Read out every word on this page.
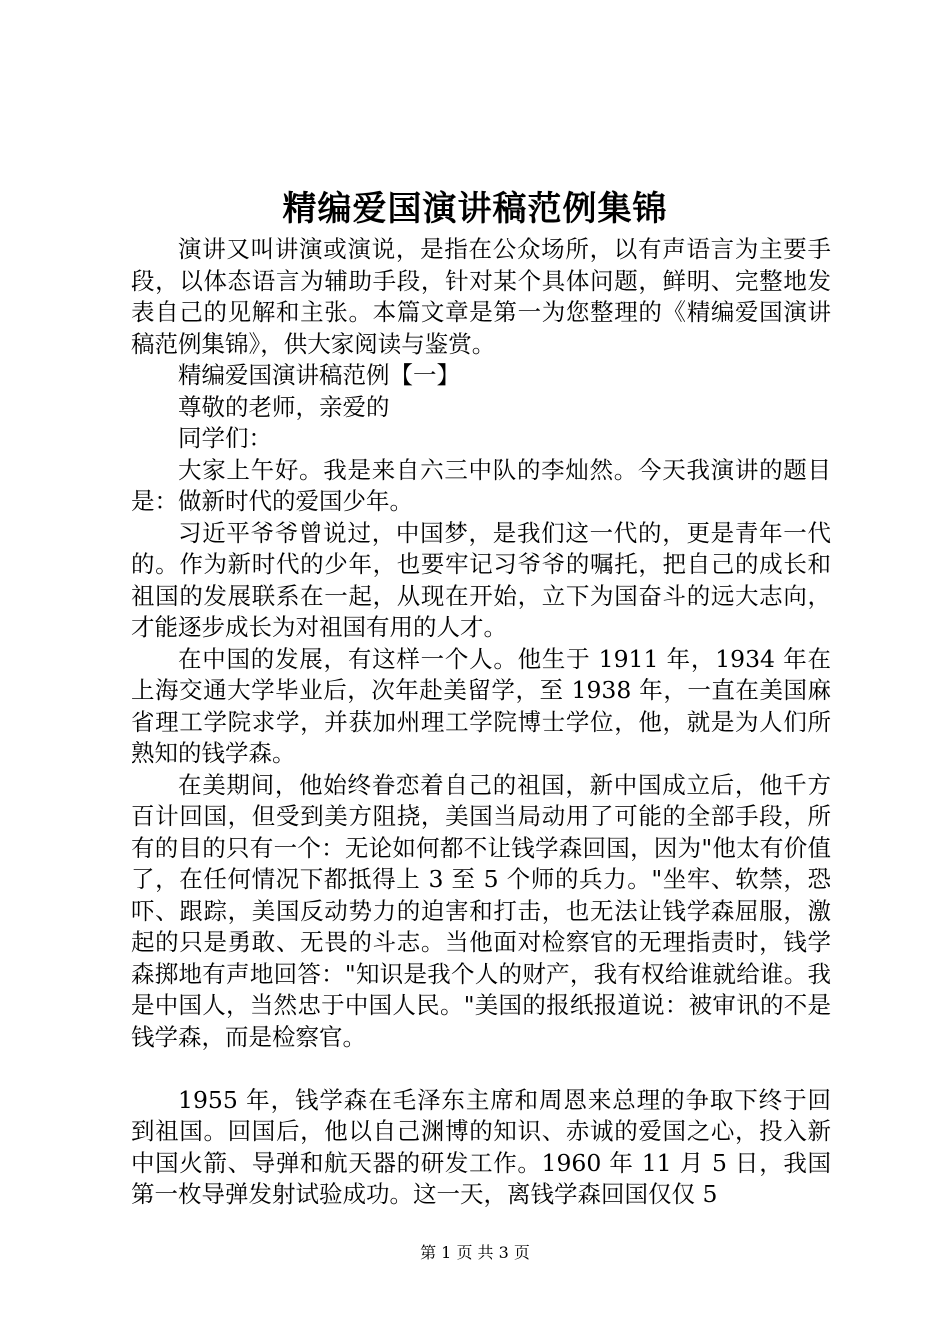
精编爱国演讲稿范例集锦

演讲又叫讲演或演说，是指在公众场所，以有声语言为主要手段，以体态语言为辅助手段，针对某个具体问题，鲜明、完整地发表自己的见解和主张。本篇文章是第一为您整理的《精编爱国演讲稿范例集锦》，供大家阅读与鉴赏。

精编爱国演讲稿范例【一】

尊敬的老师，亲爱的

同学们：

大家上午好。我是来自六三中队的李灿然。今天我演讲的题目是：做新时代的爱国少年。

习近平爷爷曾说过，中国梦，是我们这一代的，更是青年一代的。作为新时代的少年，也要牢记习爷爷的嘱托，把自己的成长和祖国的发展联系在一起，从现在开始，立下为国奋斗的远大志向，才能逐步成长为对祖国有用的人才。

在中国的发展，有这样一个人。他生于 1911 年，1934 年在上海交通大学毕业后，次年赴美留学，至 1938 年，一直在美国麻省理工学院求学，并获加州理工学院博士学位，他，就是为人们所熟知的钱学森。

在美期间，他始终眷恋着自己的祖国，新中国成立后，他千方百计回国，但受到美方阻挠，美国当局动用了可能的全部手段，所有的目的只有一个：无论如何都不让钱学森回国，因为"他太有价值了，在任何情况下都抵得上 3 至 5 个师的兵力。"坐牢、软禁，恐吓、跟踪，美国反动势力的迫害和打击，也无法让钱学森屈服，激起的只是勇敢、无畏的斗志。当他面对检察官的无理指责时，钱学森掷地有声地回答："知识是我个人的财产，我有权给谁就给谁。我是中国人，当然忠于中国人民。"美国的报纸报道说：被审讯的不是钱学森，而是检察官。

1955 年，钱学森在毛泽东主席和周恩来总理的争取下终于回到祖国。回国后，他以自己渊博的知识、赤诚的爱国之心，投入新中国火箭、导弹和航天器的研发工作。1960 年 11 月 5 日，我国第一枚导弹发射试验成功。这一天，离钱学森回国仅仅 5

第 1 页 共 3 页
